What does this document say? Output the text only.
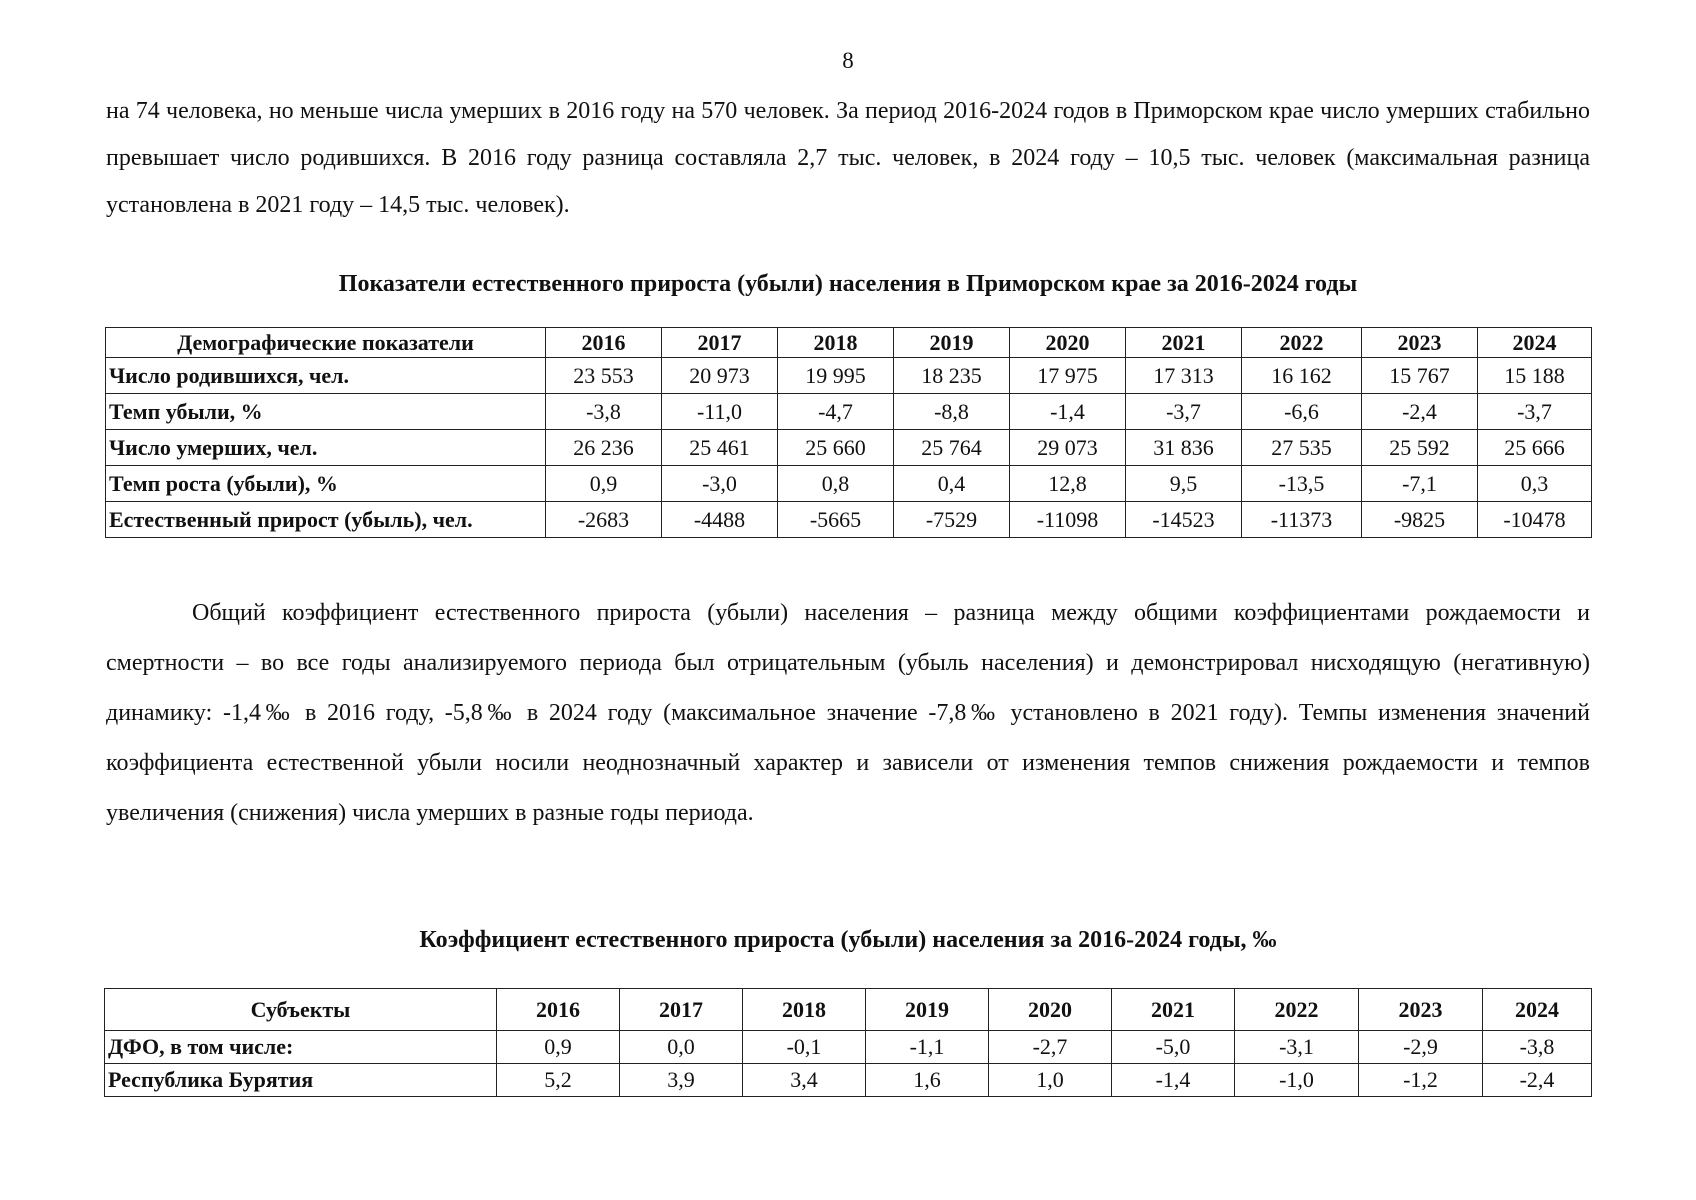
8

на 74 человека, но меньше числа умерших в 2016 году на 570 человек. За период 2016-2024 годов в Приморском крае число умерших стабильно превышает число родившихся. В 2016 году разница составляла 2,7 тыс. человек, в 2024 году – 10,5 тыс. человек (максимальная разница установлена в 2021 году – 14,5 тыс. человек).

Показатели естественного прироста (убыли) населения в Приморском крае за 2016-2024 годы
Демографические показатели	2016	2017	2018	2019	2020	2021	2022	2023	2024
Число родившихся, чел.	23 553	20 973	19 995	18 235	17 975	17 313	16 162	15 767	15 188
Темп убыли, %	-3,8	-11,0	-4,7	-8,8	-1,4	-3,7	-6,6	-2,4	-3,7
Число умерших, чел.	26 236	25 461	25 660	25 764	29 073	31 836	27 535	25 592	25 666
Темп роста (убыли), %	0,9	-3,0	0,8	0,4	12,8	9,5	-13,5	-7,1	0,3
Естественный прирост (убыль), чел.	-2683	-4488	-5665	-7529	-11098	-14523	-11373	-9825	-10478

Общий коэффициент естественного прироста (убыли) населения – разница между общими коэффициентами рождаемости и смертности – во все годы анализируемого периода был отрицательным (убыль населения) и демонстрировал нисходящую (негативную) динамику: -1,4‰ в 2016 году, -5,8‰ в 2024 году (максимальное значение -7,8‰ установлено в 2021 году). Темпы изменения значений коэффициента естественной убыли носили неоднозначный характер и зависели от изменения темпов снижения рождаемости и темпов увеличения (снижения) числа умерших в разные годы периода.

Коэффициент естественного прироста (убыли) населения за 2016-2024 годы, ‰
Субъекты	2016	2017	2018	2019	2020	2021	2022	2023	2024
ДФО, в том числе:	0,9	0,0	-0,1	-1,1	-2,7	-5,0	-3,1	-2,9	-3,8
Республика Бурятия	5,2	3,9	3,4	1,6	1,0	-1,4	-1,0	-1,2	-2,4
